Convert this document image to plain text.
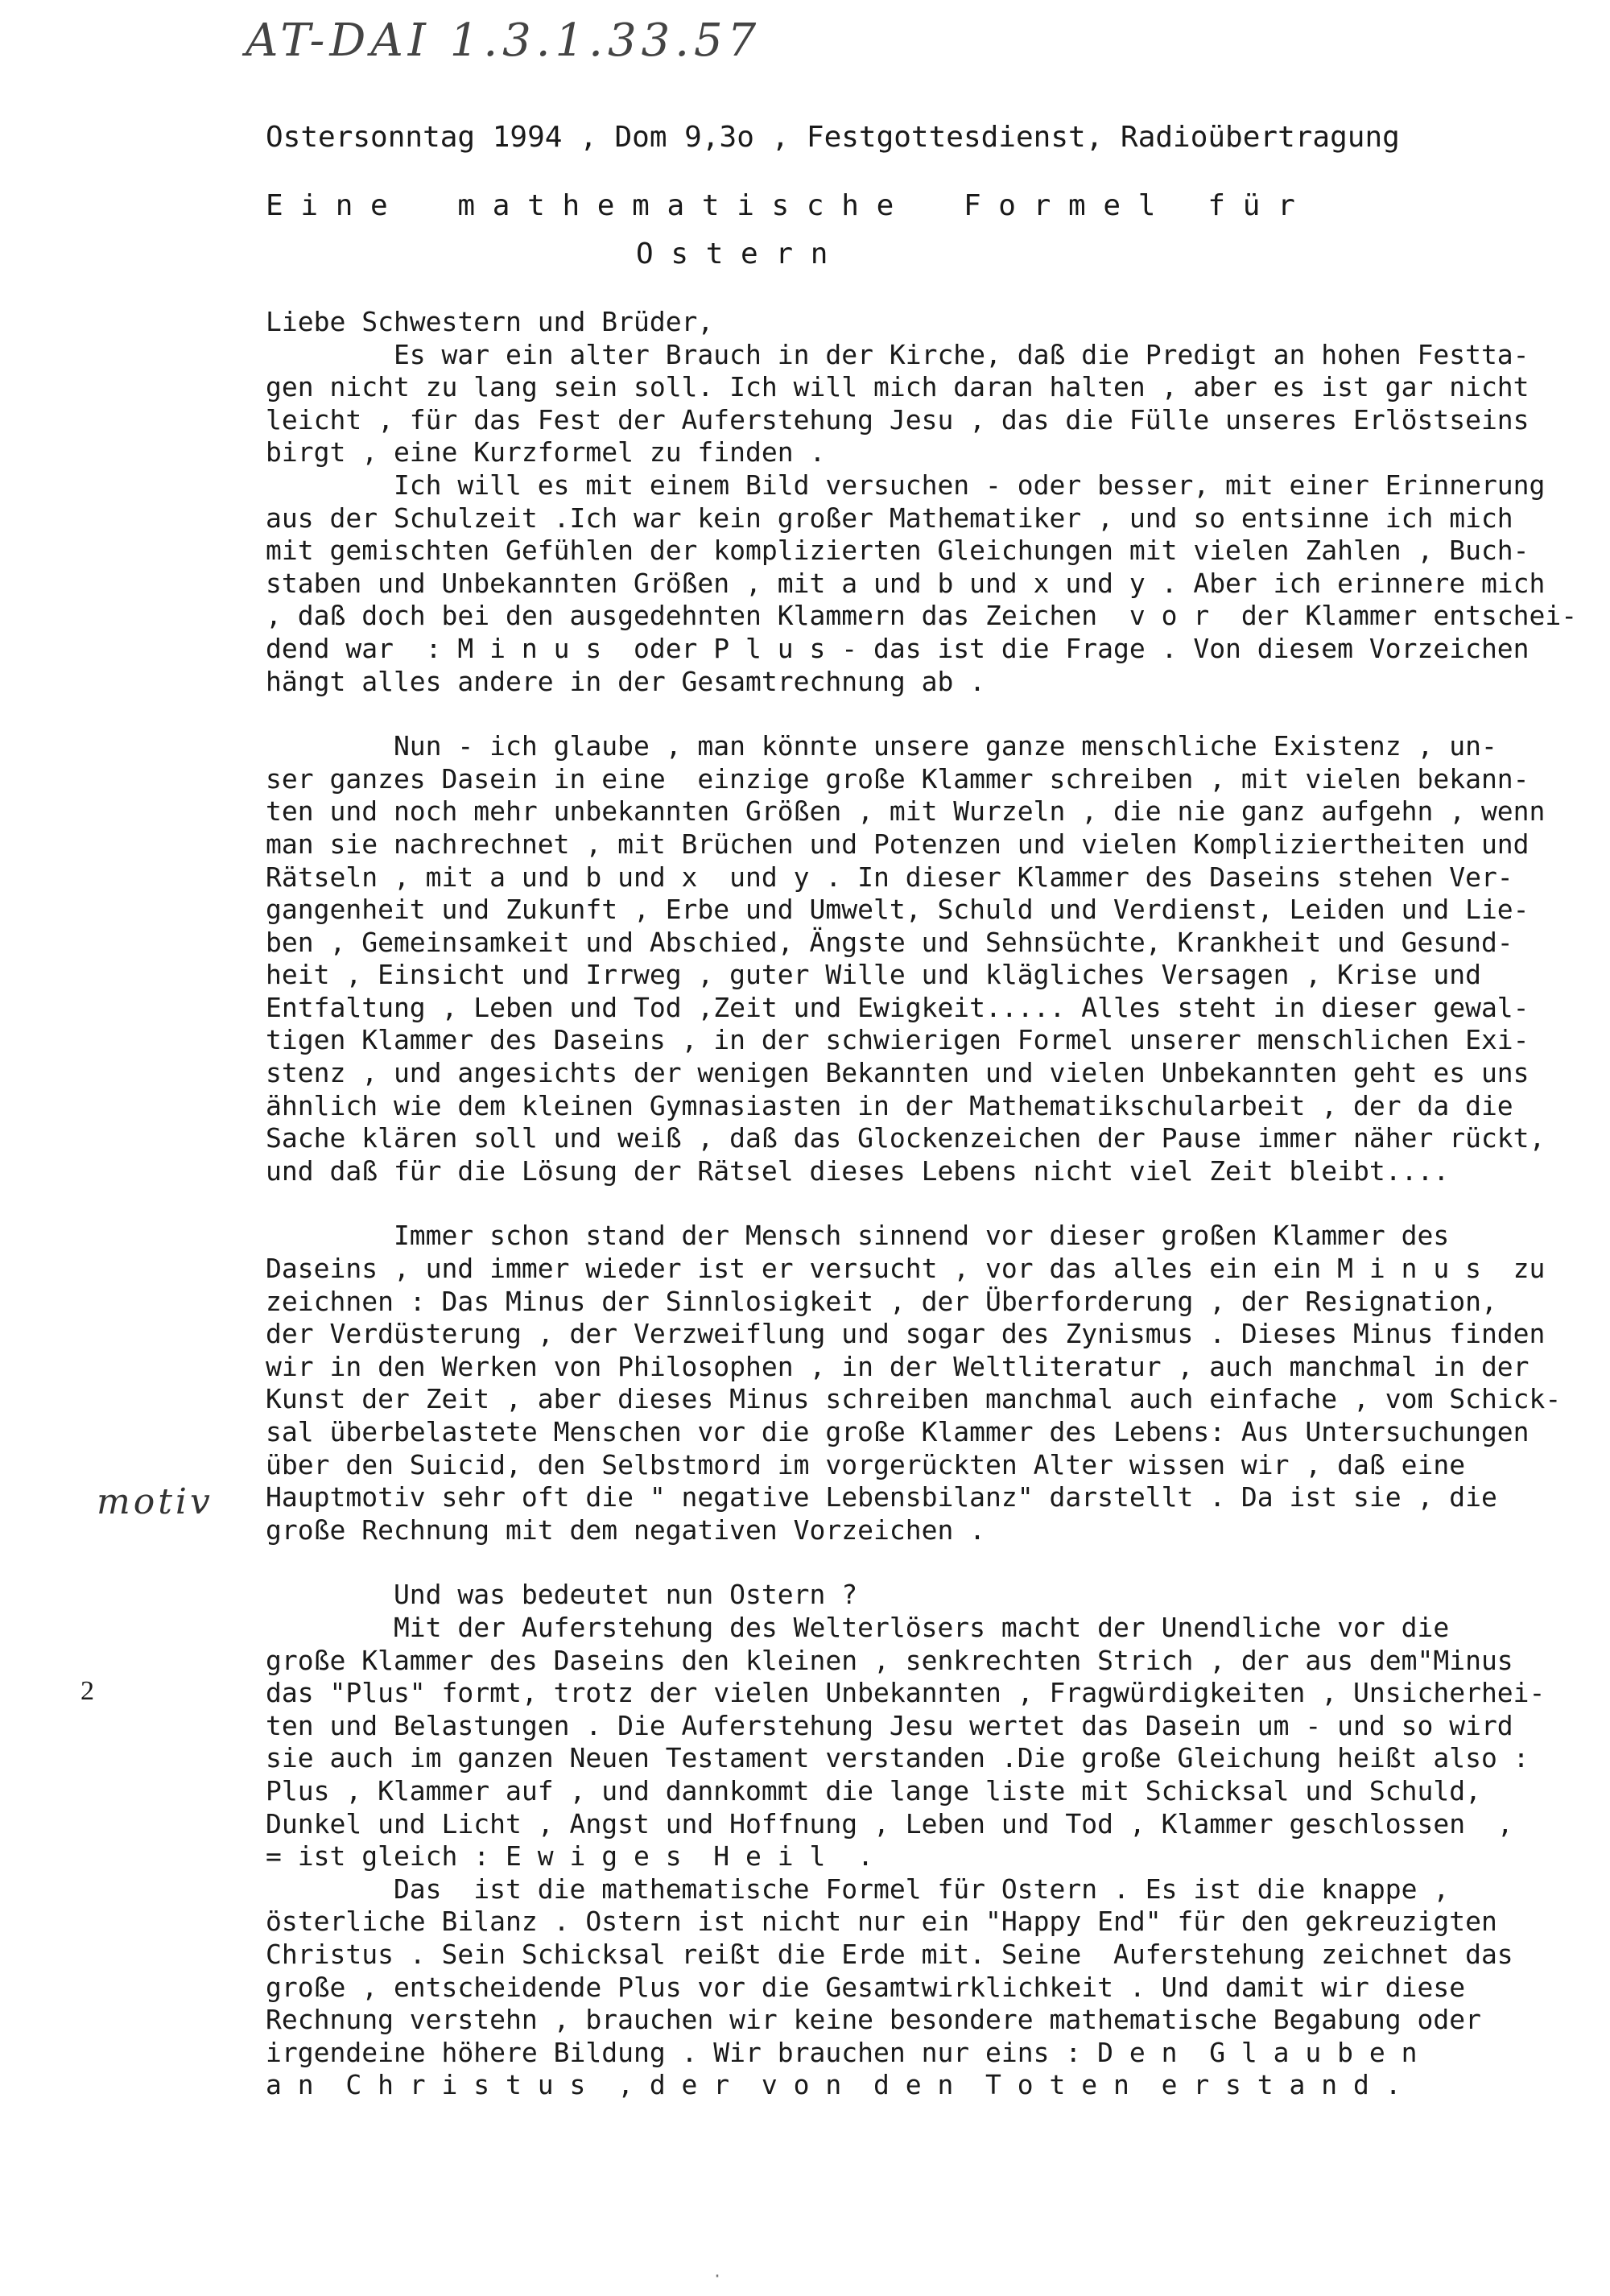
AT-DAI 1.3.1.33.57
motiv
2
Ostersonntag 1994 , Dom 9,3o , Festgottesdienst, Radioübertragung
E i n e    m a t h e m a t i s c h e    F o r m e l   f ü r
O s t e r n
Liebe Schwestern und Brüder,
Es war ein alter Brauch in der Kirche, daß die Predigt an hohen Festta-
gen nicht zu lang sein soll. Ich will mich daran halten , aber es ist gar nicht
leicht , für das Fest der Auferstehung Jesu , das die Fülle unseres Erlöstseins
birgt , eine Kurzformel zu finden .
Ich will es mit einem Bild versuchen - oder besser, mit einer Erinnerung
aus der Schulzeit .Ich war kein großer Mathematiker , und so entsinne ich mich
mit gemischten Gefühlen der komplizierten Gleichungen mit vielen Zahlen , Buch-
staben und Unbekannten Größen , mit a und b und x und y . Aber ich erinnere mich
, daß doch bei den ausgedehnten Klammern das Zeichen  v o r  der Klammer entschei-
dend war  : M i n u s  oder P l u s - das ist die Frage . Von diesem Vorzeichen
hängt alles andere in der Gesamtrechnung ab .
Nun - ich glaube , man könnte unsere ganze menschliche Existenz , un-
ser ganzes Dasein in eine  einzige große Klammer schreiben , mit vielen bekann-
ten und noch mehr unbekannten Größen , mit Wurzeln , die nie ganz aufgehn , wenn
man sie nachrechnet , mit Brüchen und Potenzen und vielen Kompliziertheiten und
Rätseln , mit a und b und x  und y . In dieser Klammer des Daseins stehen Ver-
gangenheit und Zukunft , Erbe und Umwelt, Schuld und Verdienst, Leiden und Lie-
ben , Gemeinsamkeit und Abschied, Ängste und Sehnsüchte, Krankheit und Gesund-
heit , Einsicht und Irrweg , guter Wille und klägliches Versagen , Krise und
Entfaltung , Leben und Tod ,Zeit und Ewigkeit..... Alles steht in dieser gewal-
tigen Klammer des Daseins , in der schwierigen Formel unserer menschlichen Exi-
stenz , und angesichts der wenigen Bekannten und vielen Unbekannten geht es uns
ähnlich wie dem kleinen Gymnasiasten in der Mathematikschularbeit , der da die
Sache klären soll und weiß , daß das Glockenzeichen der Pause immer näher rückt,
und daß für die Lösung der Rätsel dieses Lebens nicht viel Zeit bleibt....
Immer schon stand der Mensch sinnend vor dieser großen Klammer des
Daseins , und immer wieder ist er versucht , vor das alles ein ein M i n u s  zu
zeichnen : Das Minus der Sinnlosigkeit , der Überforderung , der Resignation,
der Verdüsterung , der Verzweiflung und sogar des Zynismus . Dieses Minus finden
wir in den Werken von Philosophen , in der Weltliteratur , auch manchmal in der
Kunst der Zeit , aber dieses Minus schreiben manchmal auch einfache , vom Schick-
sal überbelastete Menschen vor die große Klammer des Lebens: Aus Untersuchungen
über den Suicid, den Selbstmord im vorgerückten Alter wissen wir , daß eine
Hauptmotiv sehr oft die " negative Lebensbilanz" darstellt . Da ist sie , die
große Rechnung mit dem negativen Vorzeichen .
Und was bedeutet nun Ostern ?
Mit der Auferstehung des Welterlösers macht der Unendliche vor die
große Klammer des Daseins den kleinen , senkrechten Strich , der aus dem"Minus
das "Plus" formt, trotz der vielen Unbekannten , Fragwürdigkeiten , Unsicherhei-
ten und Belastungen . Die Auferstehung Jesu wertet das Dasein um - und so wird
sie auch im ganzen Neuen Testament verstanden .Die große Gleichung heißt also :
Plus , Klammer auf , und dannkommt die lange liste mit Schicksal und Schuld,
Dunkel und Licht , Angst und Hoffnung , Leben und Tod , Klammer geschlossen  ,
= ist gleich : E w i g e s  H e i l  .
Das  ist die mathematische Formel für Ostern . Es ist die knappe ,
österliche Bilanz . Ostern ist nicht nur ein "Happy End" für den gekreuzigten
Christus . Sein Schicksal reißt die Erde mit. Seine  Auferstehung zeichnet das
große , entscheidende Plus vor die Gesamtwirklichkeit . Und damit wir diese
Rechnung verstehn , brauchen wir keine besondere mathematische Begabung oder
irgendeine höhere Bildung . Wir brauchen nur eins : D e n  G l a u b e n
a n  C h r i s t u s  , d e r  v o n  d e n  T o t e n  e r s t a n d .
·
